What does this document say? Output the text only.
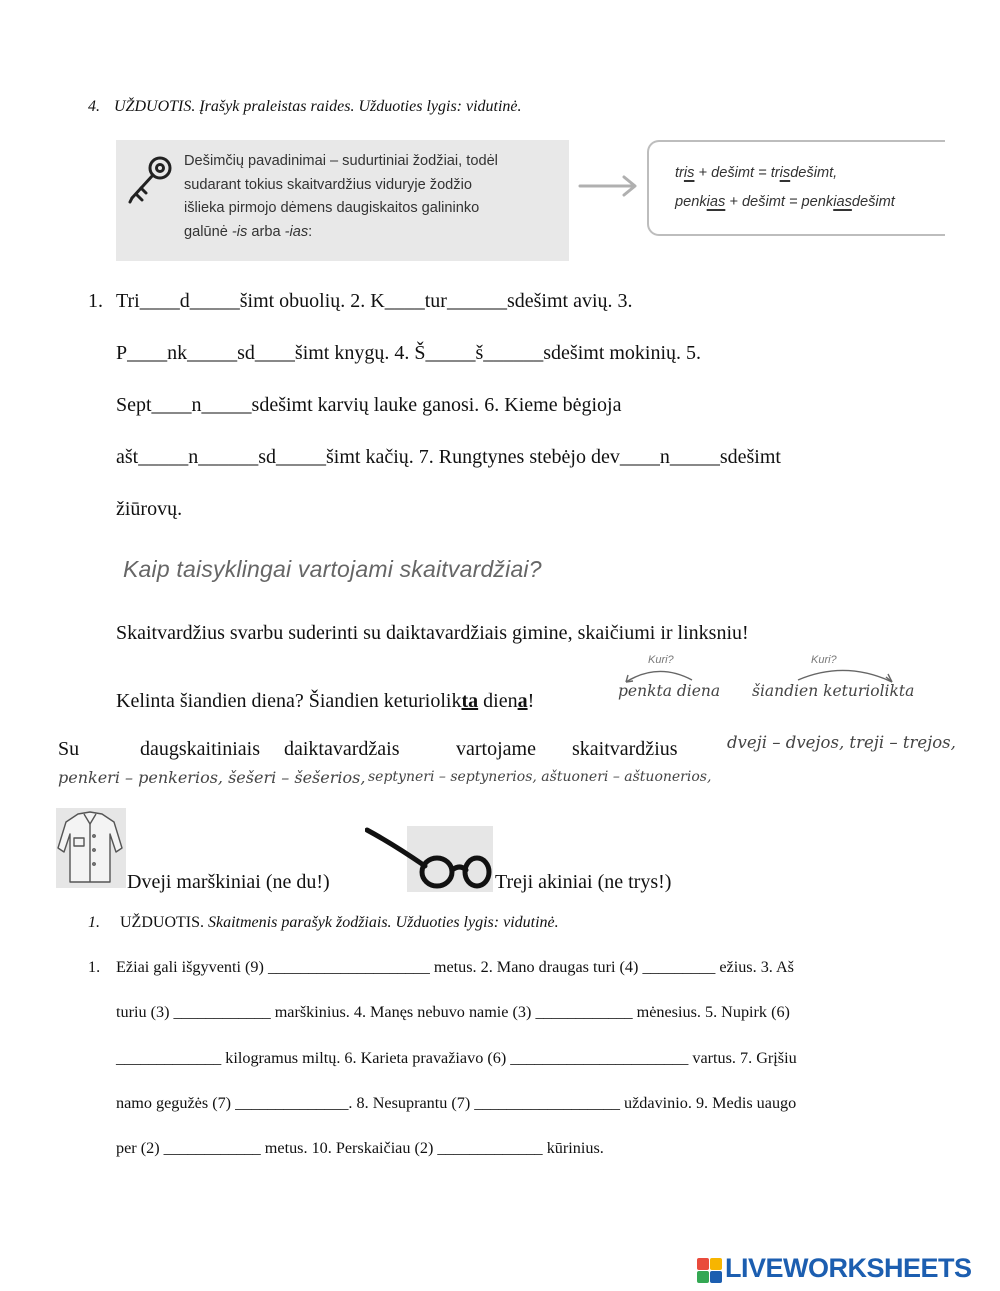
4. UŽDUOTIS. Įrašyk praleistas raides. Užduoties lygis: vidutinė.
Dešimčių pavadinimai – sudurtiniai žodžiai, todėl
sudarant tokius skaitvardžius viduryje žodžio
išlieka pirmojo dėmens daugiskaitos galininko
galūnė -is arba -ias:
tris + dešimt = trisdešimt,
penkias + dešimt = penkiasdešimt
1. Tri____d_____šimt obuolių. 2. K____tur______sdešimt avių. 3.
P____nk_____sd____šimt knygų. 4. Š_____š______sdešimt mokinių. 5.
Sept____n_____sdešimt karvių lauke ganosi. 6. Kieme bėgioja
ašt_____n______sd_____šimt kačių. 7. Rungtynes stebėjo dev____n_____sdešimt
žiūrovų.
Kaip taisyklingai vartojami skaitvardžiai?
Skaitvardžius svarbu suderinti su daiktavardžiais gimine, skaičiumi ir linksniu!
Kelinta šiandien diena? Šiandien keturiolikta diena!
Kuri?
penkta diena
Kuri?
šiandien keturiolikta
Su	daugskaitiniais daiktavardžais	vartojame skaitvardžius	dveji – dvejos, treji – trejos,
penkeri – penkerios, šešeri – šešerios, septyneri – septynerios, aštuoneri – aštuonerios,
Dveji marškiniai (ne du!)	Treji akiniai (ne trys!)
1. UŽDUOTIS. Skaitmenis parašyk žodžiais. Užduoties lygis: vidutinė.
1. Ežiai gali išgyventi (9) ____________________ metus. 2. Mano draugas turi (4) _________ ežius. 3. Aš
turiu (3) ____________ marškinius. 4. Manęs nebuvo namie (3) ____________ mėnesius. 5. Nupirk (6)
_____________ kilogramus miltų. 6. Karieta pravažiavo (6) ______________________ vartus. 7. Grįšiu
namo gegužės (7) ______________. 8. Nesuprantu (7) __________________ uždavinio. 9. Medis uaugo
per (2) ____________ metus. 10. Perskaičiau (2) _____________ kūrinius.
LIVEWORKSHEETS
